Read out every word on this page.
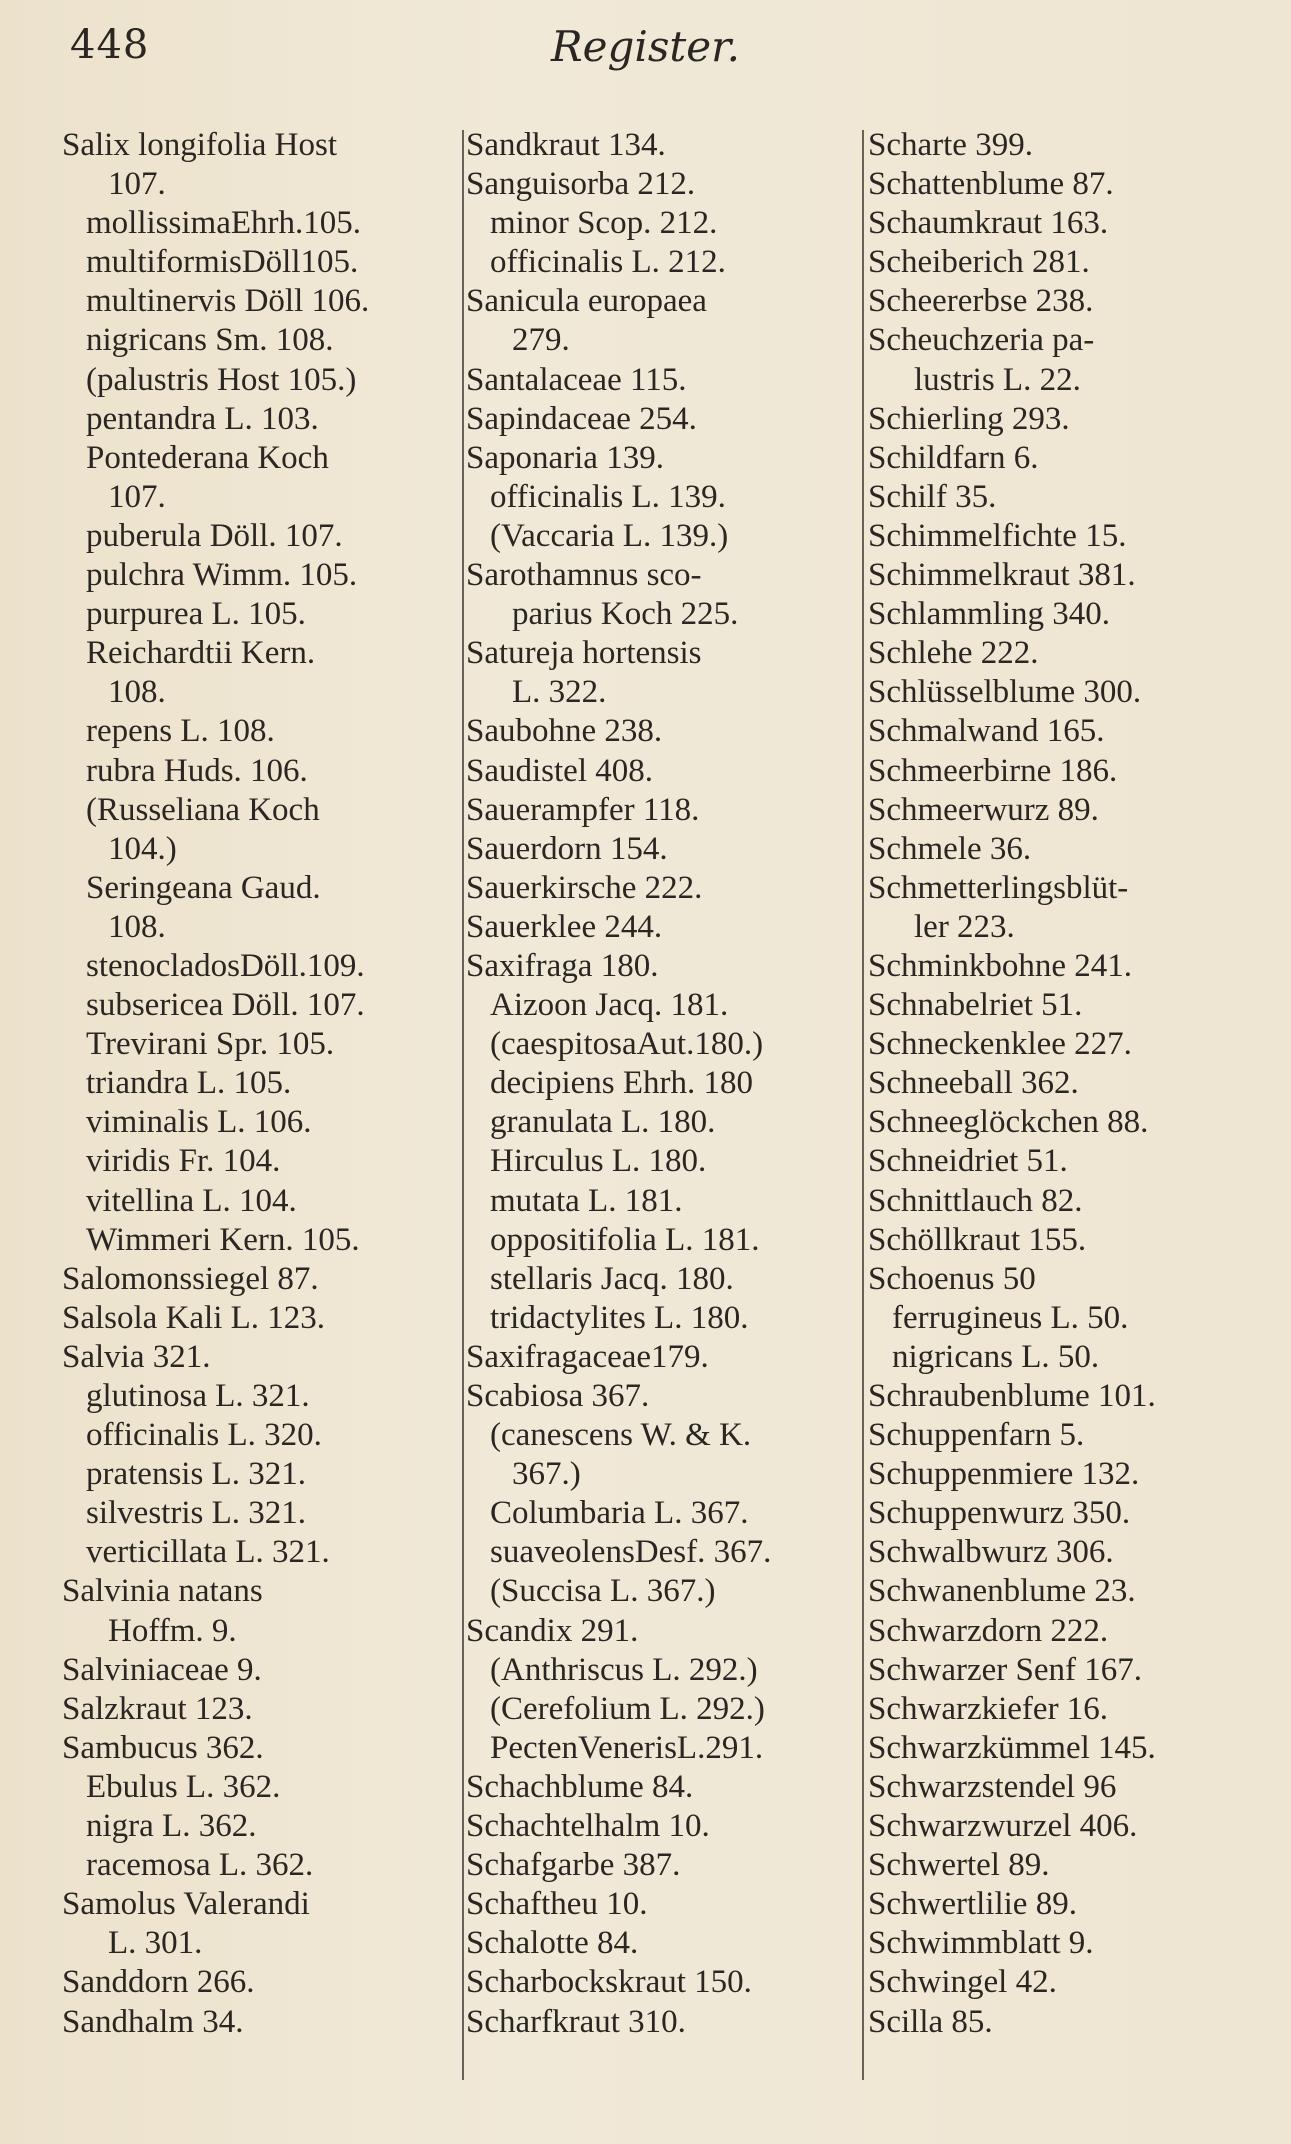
448	Register.
Salix longifolia Host
107.
mollissimaEhrh.105.
multiformisDöll105.
multinervis Döll 106.
nigricans Sm. 108.
(palustris Host 105.)
pentandra L. 103.
Pontederana Koch
107.
puberula Döll. 107.
pulchra Wimm. 105.
purpurea L. 105.
Reichardtii Kern.
108.
repens L. 108.
rubra Huds. 106.
(Russeliana Koch
104.)
Seringeana Gaud.
108.
stenocladosDöll.109.
subsericea Döll. 107.
Trevirani Spr. 105.
triandra L. 105.
viminalis L. 106.
viridis Fr. 104.
vitellina L. 104.
Wimmeri Kern. 105.
Salomonssiegel 87.
Salsola Kali L. 123.
Salvia 321.
glutinosa L. 321.
officinalis L. 320.
pratensis L. 321.
silvestris L. 321.
verticillata L. 321.
Salvinia natans
Hoffm. 9.
Salviniaceae 9.
Salzkraut 123.
Sambucus 362.
Ebulus L. 362.
nigra L. 362.
racemosa L. 362.
Samolus Valerandi
L. 301.
Sanddorn 266.
Sandhalm 34.
Sandkraut 134.
Sanguisorba 212.
minor Scop. 212.
officinalis L. 212.
Sanicula europaea
279.
Santalaceae 115.
Sapindaceae 254.
Saponaria 139.
officinalis L. 139.
(Vaccaria L. 139.)
Sarothamnus sco-
parius Koch 225.
Satureja hortensis
L. 322.
Saubohne 238.
Saudistel 408.
Sauerampfer 118.
Sauerdorn 154.
Sauerkirsche 222.
Sauerklee 244.
Saxifraga 180.
Aizoon Jacq. 181.
(caespitosaAut.180.)
decipiens Ehrh. 180
granulata L. 180.
Hirculus L. 180.
mutata L. 181.
oppositifolia L. 181.
stellaris Jacq. 180.
tridactylites L. 180.
Saxifragaceae179.
Scabiosa 367.
(canescens W. & K.
367.)
Columbaria L. 367.
suaveolensDesf. 367.
(Succisa L. 367.)
Scandix 291.
(Anthriscus L. 292.)
(Cerefolium L. 292.)
PectenVenerisL.291.
Schachblume 84.
Schachtelhalm 10.
Schafgarbe 387.
Schaftheu 10.
Schalotte 84.
Scharbockskraut 150.
Scharfkraut 310.
Scharte 399.
Schattenblume 87.
Schaumkraut 163.
Scheiberich 281.
Scheererbse 238.
Scheuchzeria pa-
lustris L. 22.
Schierling 293.
Schildfarn 6.
Schilf 35.
Schimmelfichte 15.
Schimmelkraut 381.
Schlammling 340.
Schlehe 222.
Schlüsselblume 300.
Schmalwand 165.
Schmeerbirne 186.
Schmeerwurz 89.
Schmele 36.
Schmetterlingsblüt-
ler 223.
Schminkbohne 241.
Schnabelriet 51.
Schneckenklee 227.
Schneeball 362.
Schneeglöckchen 88.
Schneidriet 51.
Schnittlauch 82.
Schöllkraut 155.
Schoenus 50
ferrugineus L. 50.
nigricans L. 50.
Schraubenblume 101.
Schuppenfarn 5.
Schuppenmiere 132.
Schuppenwurz 350.
Schwalbwurz 306.
Schwanenblume 23.
Schwarzdorn 222.
Schwarzer Senf 167.
Schwarzkiefer 16.
Schwarzkümmel 145.
Schwarzstendel 96
Schwarzwurzel 406.
Schwertel 89.
Schwertlilie 89.
Schwimmblatt 9.
Schwingel 42.
Scilla 85.
